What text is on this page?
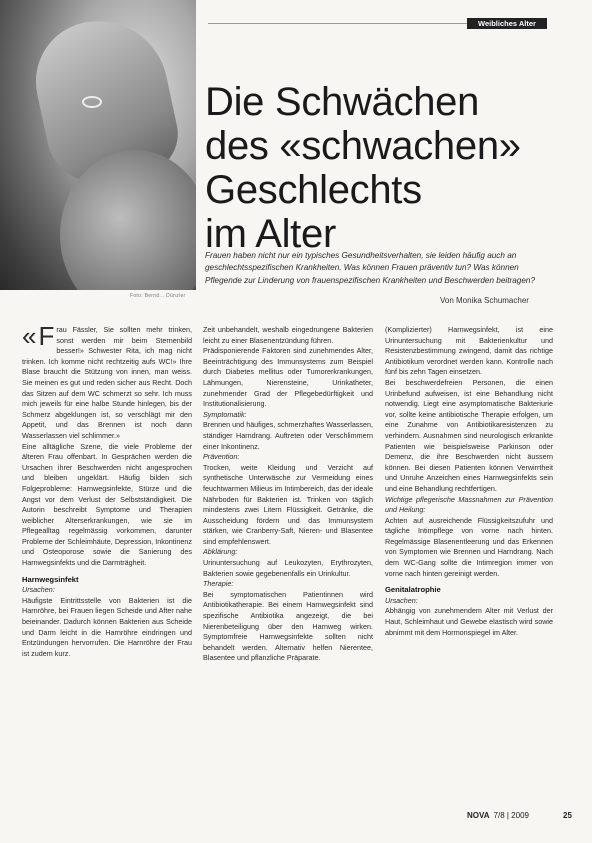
Foto: Bernd... Dünzler
Weibliches Alter
Die Schwächen
des «schwachen»
Geschlechts
im Alter

Frauen haben nicht nur ein typisches Gesundheitsverhalten, sie leiden häufig auch an geschlechtsspezifischen Krankheiten. Was können Frauen präventiv tun? Was können Pflegende zur Linderung von frauenspezifischen Krankheiten und Beschwerden beitragen?

Von Monika Schumacher

« F rau Fässler, Sie sollten mehr trinken, sonst werden mir beim Sternenbild besser!» Schwester Rita, ich mag nicht trinken. Ich komme nicht rechtzeitig aufs WC!» Ihre Blase braucht die Stützung von innen, man weiss. Sie meinen es gut und reden sicher aus Recht. Doch das Sitzen auf dem WC schmerzt so sehr. Ich muss mich jeweils für eine halbe Stunde hinlegen, bis der Schmerz abgeklungen ist, so verschlägt mir den Appetit, und das Brennen ist noch dann Wasserlassen viel schlimmer.»

Eine alltägliche Szene, die viele Probleme der älteren Frau offenbart. In Gesprächen werden die Ursachen ihrer Beschwerden nicht angesprochen und bleiben ungeklärt. Häufig bilden sich Folgeprobleme: Harnwegsinfekte, Stürze und die Angst vor dem Verlust der Selbstständigkeit. Die Autorin beschreibt Symptome und Therapien weiblicher Alterserkrankungen, wie sie im Pflegealltag regelmässig vorkommen, darunter Probleme der Schleimhäute, Depression, Inkontinenz und Osteoporose sowie die Sanierung des Harnwegsinfekts und die Darmträgheit.

Harnwegsinfekt

Ursachen:

Häufigste Eintrittsstelle von Bakterien ist die Harnröhre, bei Frauen liegen Scheide und After nahe beieinander. Dadurch können Bakterien aus Scheide und Darm leicht in die Harnröhre eindringen und Entzündungen hervorrufen. Die Harnröhre der Frau ist zudem kurz.

Zeit unbehandelt, weshalb eingedrungene Bakterien leicht zu einer Blasenentzündung führen.

Prädisponierende Faktoren sind zunehmendes Alter, Beeinträchtigung des Immunsystems zum Beispiel durch Diabetes mellitus oder Tumorerkrankungen, Lähmungen, Nierensteine, Urinkatheter, zunehmender Grad der Pflegebedürftigkeit und Institutionalisierung.

Symptomatik:

Brennen und häufiges, schmerzhaftes Wasserlassen, ständiger Harndrang. Auftreten oder Verschlimmern einer Inkontinenz.

Prävention:

Trocken, weite Kleidung und Verzicht auf synthetische Unterwäsche zur Vermeidung eines feuchtwarmen Milieus im Intimbereich, das der ideale Nährboden für Bakterien ist. Trinken von täglich mindestens zwei Litern Flüssigkeit. Getränke, die Ausscheidung fördern und das Immunsystem stärken, wie Cranberry-Saft, Nieren- und Blasentee sind empfehlenswert.

Abklärung:

Urinuntersuchung auf Leukozyten, Erythrozyten, Bakterien sowie gegebenenfalls ein Urinkultur.

Therapie:

Bei symptomatischen Patientinnen wird Antibiotikatherapie. Bei einem Harnwegsinfekt sind spezifische Antibiotika angezeigt, die bei Nierenbeteiligung über den Harnweg wirken. Symptomfreie Harnwegsinfekte sollten nicht behandelt werden. Alternativ helfen Nierentee, Blasentee und pflanzliche Präparate.

(Komplizierter) Harnwegsinfekt, ist eine Urinuntersuchung mit Bakterienkultur und Resistenzbestimmung zwingend, damit das richtige Antibiotikum verordnet werden kann. Kontrolle nach fünf bis zehn Tagen einsetzen.

Bei beschwerdefreien Personen, die einen Urinbefund aufweisen, ist eine Behandlung nicht notwendig. Liegt eine asymptomatische Bakteriurie vor, sollte keine antibiotische Therapie erfolgen, um eine Zunahme von Antibiotikaresistenzen zu verhindern. Ausnahmen sind neurologisch erkrankte Patienten wie beispielsweise Parkinson oder Demenz, die ihre Beschwerden nicht äussern können. Bei diesen Patienten können Verwirrtheit und Unruhe Anzeichen eines Harnwegsinfekts sein und eine Behandlung rechtfertigen.

Wichtige pflegerische Massnahmen zur Prävention und Heilung:

Achten auf ausreichende Flüssigkeitszufuhr und tägliche Intimpflege von vorne nach hinten. Regelmässige Blasenentleerung und das Erkennen von Symptomen wie Brennen und Harndrang. Nach dem WC-Gang sollte die Intimregion immer von vorne nach hinten gereinigt werden.

Genitalatrophie

Ursachen:

Abhängig von zunehmendem Alter mit Verlust der Haut, Schleimhaut und Gewebe elastisch wird sowie abnimmt mit dem Hormonspiegel im Alter.

NOVA 7/8 | 2009	25
